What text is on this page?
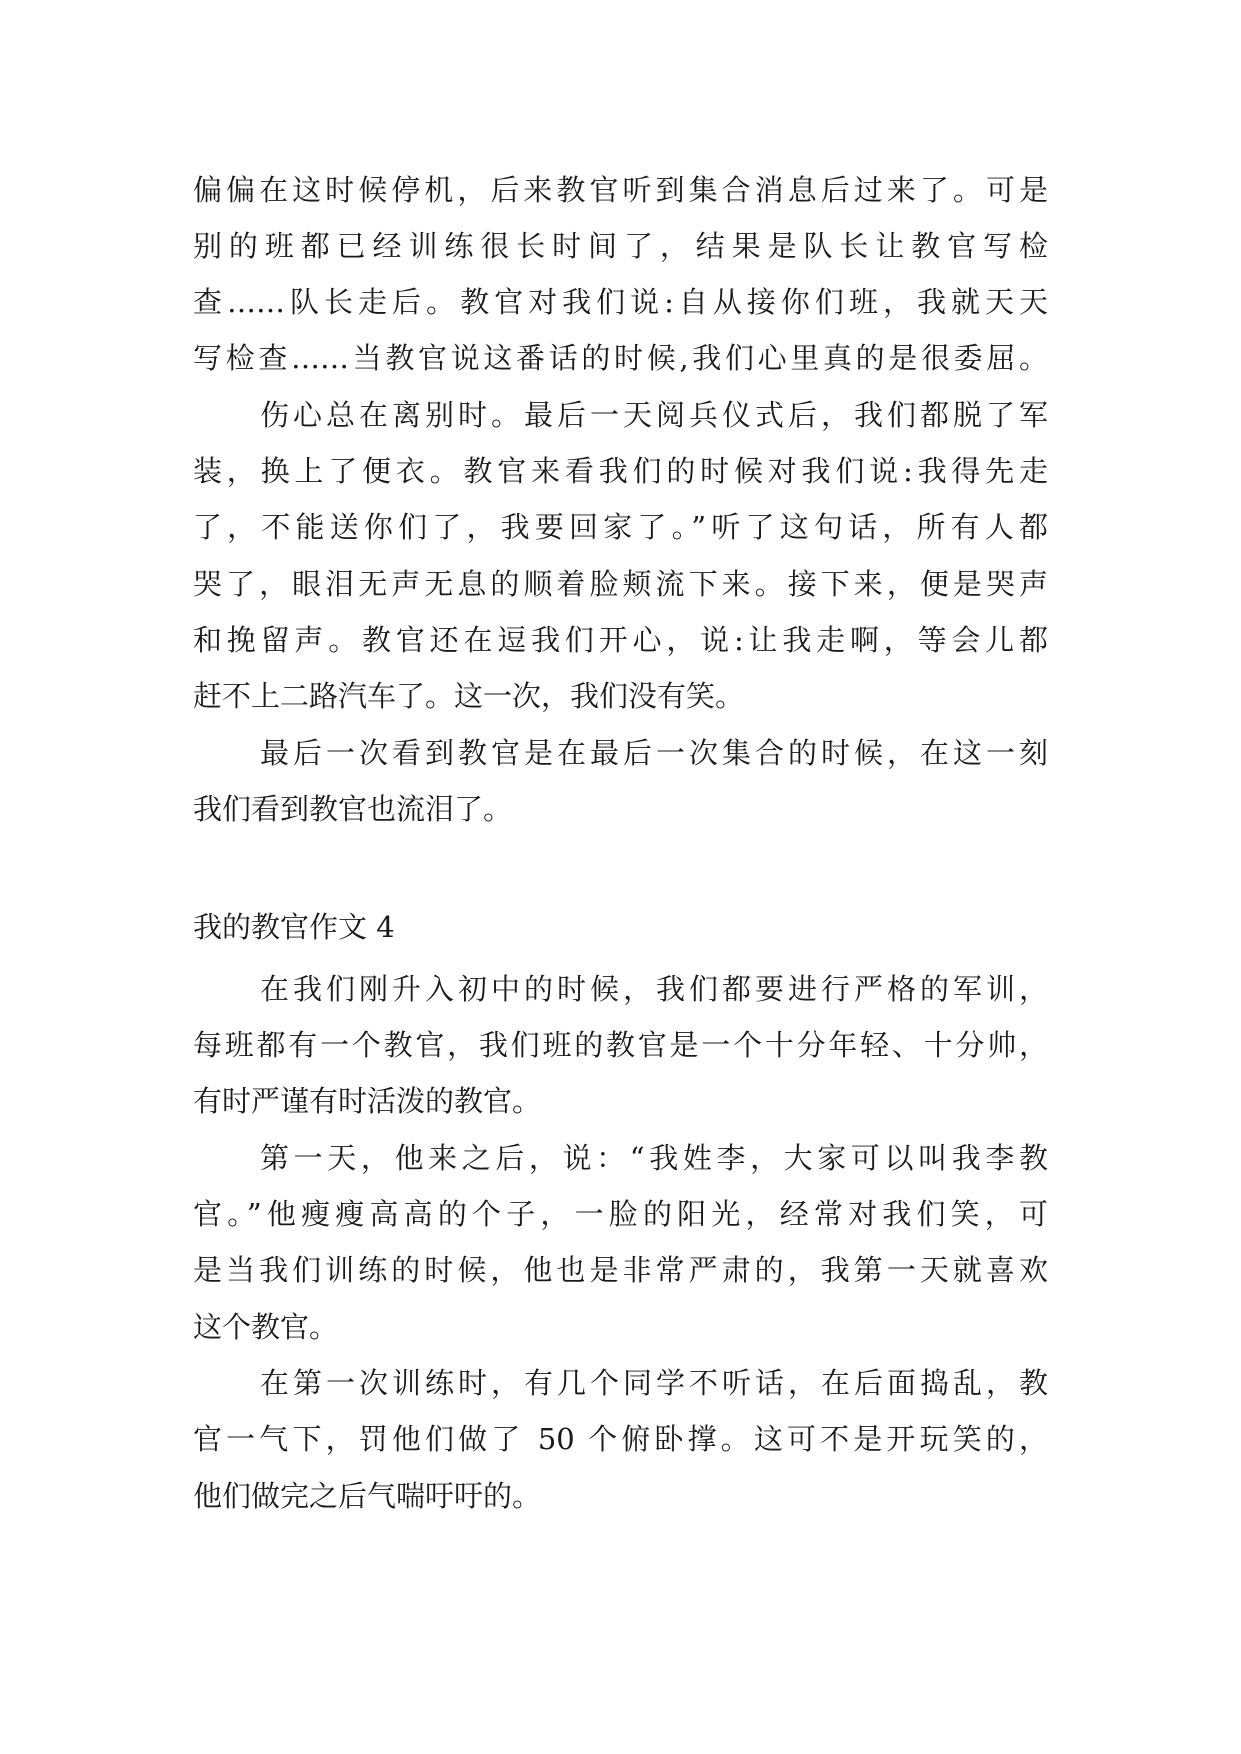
偏偏在这时候停机，后来教官听到集合消息后过来了。可是
别的班都已经训练很长时间了，结果是队长让教官写检
查……队长走后。教官对我们说:自从接你们班，我就天天
写检查……当教官说这番话的时候,我们心里真的是很委屈。
伤心总在离别时。最后一天阅兵仪式后，我们都脱了军
装，换上了便衣。教官来看我们的时候对我们说:我得先走
了，不能送你们了，我要回家了。”听了这句话，所有人都
哭了，眼泪无声无息的顺着脸颊流下来。接下来，便是哭声
和挽留声。教官还在逗我们开心，说:让我走啊，等会儿都
赶不上二路汽车了。这一次，我们没有笑。
最后一次看到教官是在最后一次集合的时候，在这一刻
我们看到教官也流泪了。
我的教官作文 4
在我们刚升入初中的时候，我们都要进行严格的军训，
每班都有一个教官，我们班的教官是一个十分年轻、十分帅，
有时严谨有时活泼的教官。
第一天，他来之后，说：“我姓李，大家可以叫我李教
官。”他瘦瘦高高的个子，一脸的阳光，经常对我们笑，可
是当我们训练的时候，他也是非常严肃的，我第一天就喜欢
这个教官。
在第一次训练时，有几个同学不听话，在后面捣乱，教
官一气下，罚他们做了 50 个俯卧撑。这可不是开玩笑的，
他们做完之后气喘吁吁的。
